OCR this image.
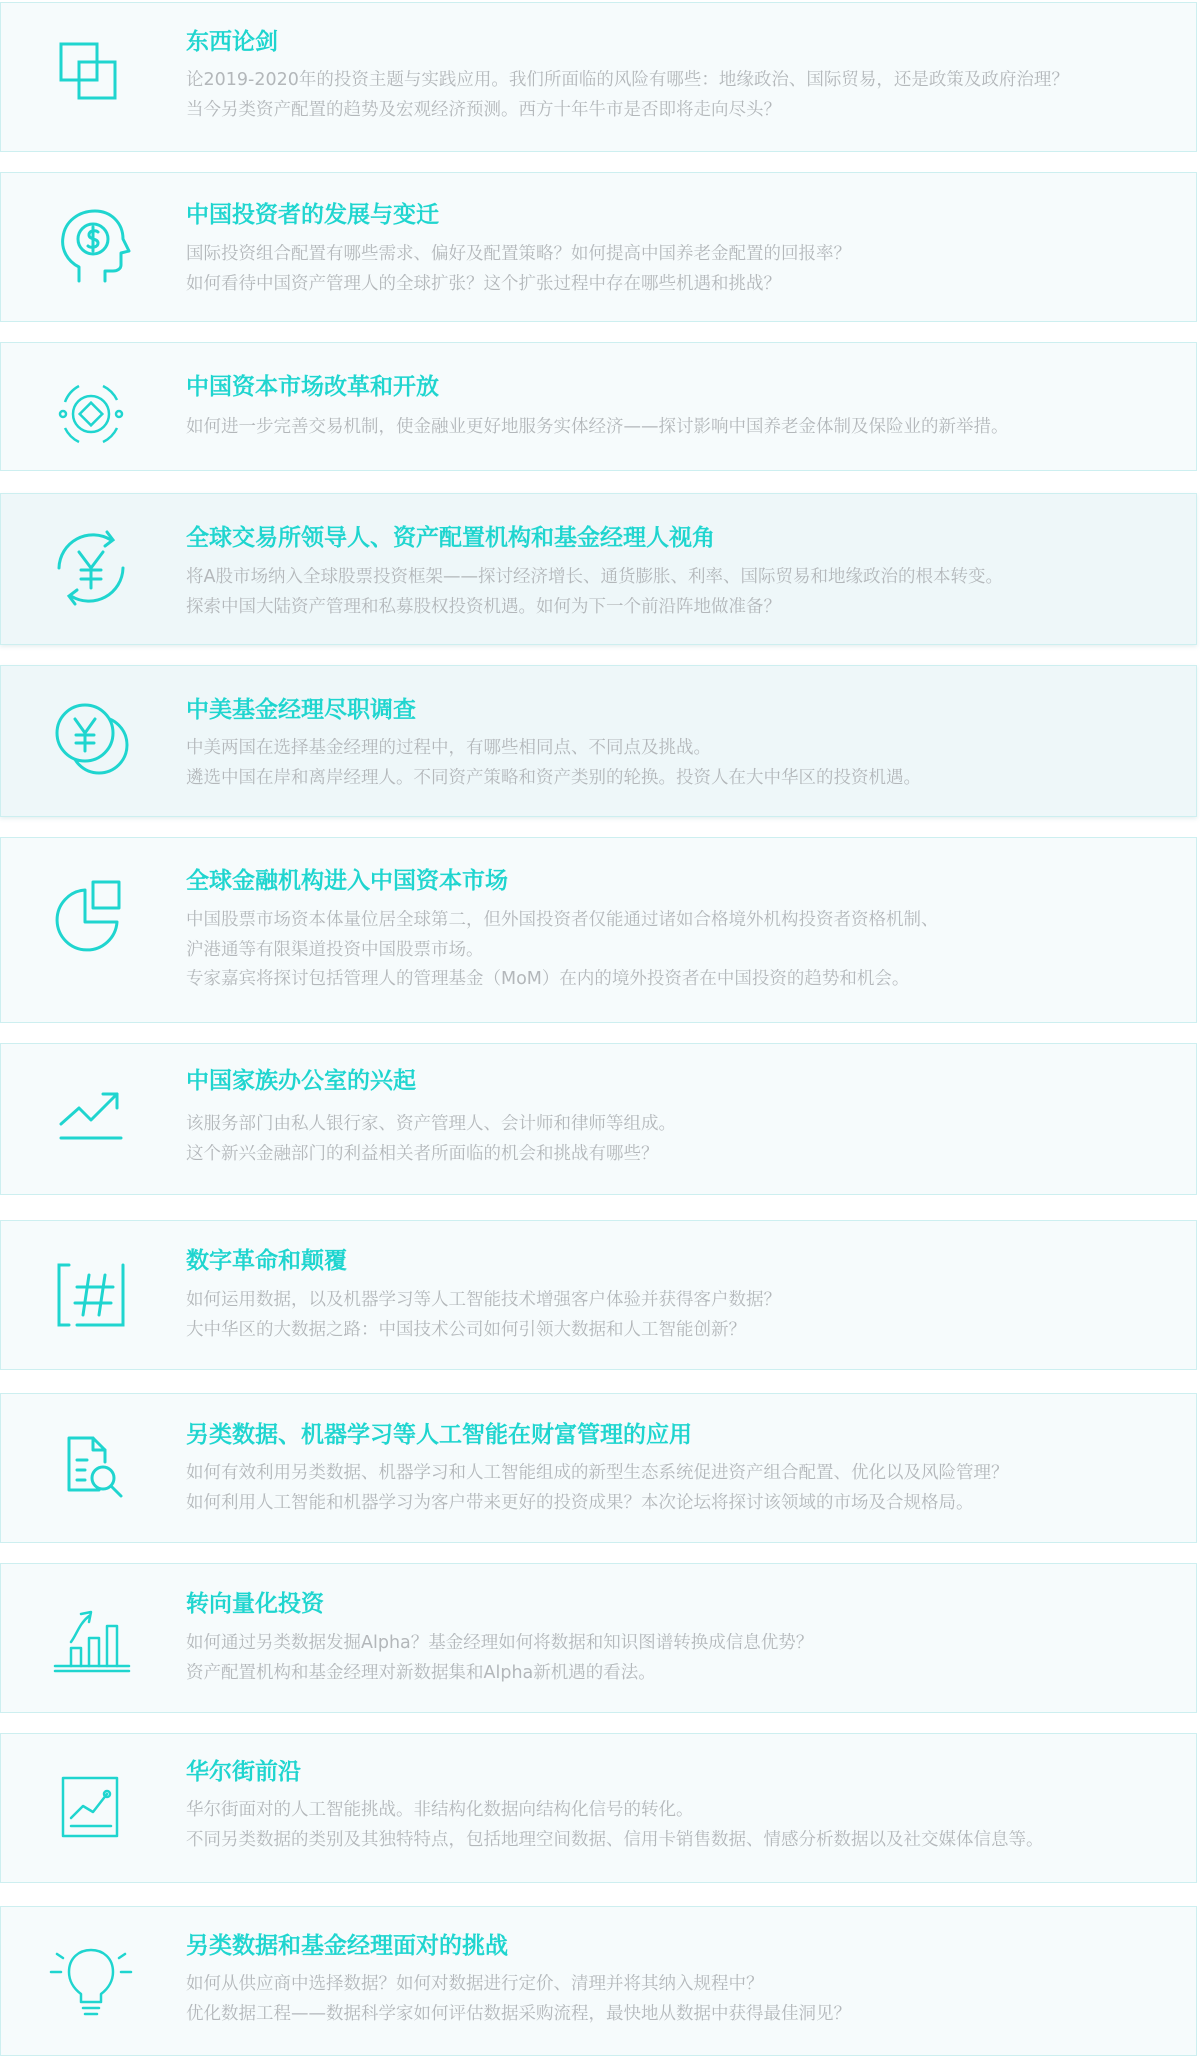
东西论剑
论2019-2020年的投资主题与实践应用。我们所面临的风险有哪些：地缘政治、国际贸易，还是政策及政府治理？
当今另类资产配置的趋势及宏观经济预测。西方十年牛市是否即将走向尽头？
中国投资者的发展与变迁
国际投资组合配置有哪些需求、偏好及配置策略？如何提高中国养老金配置的回报率？
如何看待中国资产管理人的全球扩张？这个扩张过程中存在哪些机遇和挑战？
中国资本市场改革和开放
如何进一步完善交易机制，使金融业更好地服务实体经济——探讨影响中国养老金体制及保险业的新举措。
全球交易所领导人、资产配置机构和基金经理人视角
将A股市场纳入全球股票投资框架——探讨经济增长、通货膨胀、利率、国际贸易和地缘政治的根本转变。
探索中国大陆资产管理和私募股权投资机遇。如何为下一个前沿阵地做准备？
中美基金经理尽职调查
中美两国在选择基金经理的过程中，有哪些相同点、不同点及挑战。
遴选中国在岸和离岸经理人。不同资产策略和资产类别的轮换。投资人在大中华区的投资机遇。
全球金融机构进入中国资本市场
中国股票市场资本体量位居全球第二，但外国投资者仅能通过诸如合格境外机构投资者资格机制、
沪港通等有限渠道投资中国股票市场。
专家嘉宾将探讨包括管理人的管理基金（MoM）在内的境外投资者在中国投资的趋势和机会。
中国家族办公室的兴起
该服务部门由私人银行家、资产管理人、会计师和律师等组成。
这个新兴金融部门的利益相关者所面临的机会和挑战有哪些？
数字革命和颠覆
如何运用数据，以及机器学习等人工智能技术增强客户体验并获得客户数据？
大中华区的大数据之路：中国技术公司如何引领大数据和人工智能创新？
另类数据、机器学习等人工智能在财富管理的应用
如何有效利用另类数据、机器学习和人工智能组成的新型生态系统促进资产组合配置、优化以及风险管理？
如何利用人工智能和机器学习为客户带来更好的投资成果？本次论坛将探讨该领域的市场及合规格局。
转向量化投资
如何通过另类数据发掘Alpha？基金经理如何将数据和知识图谱转换成信息优势？
资产配置机构和基金经理对新数据集和Alpha新机遇的看法。
华尔街前沿
华尔街面对的人工智能挑战。非结构化数据向结构化信号的转化。
不同另类数据的类别及其独特特点，包括地理空间数据、信用卡销售数据、情感分析数据以及社交媒体信息等。
另类数据和基金经理面对的挑战
如何从供应商中选择数据？如何对数据进行定价、清理并将其纳入规程中？
优化数据工程——数据科学家如何评估数据采购流程，最快地从数据中获得最佳洞见？
